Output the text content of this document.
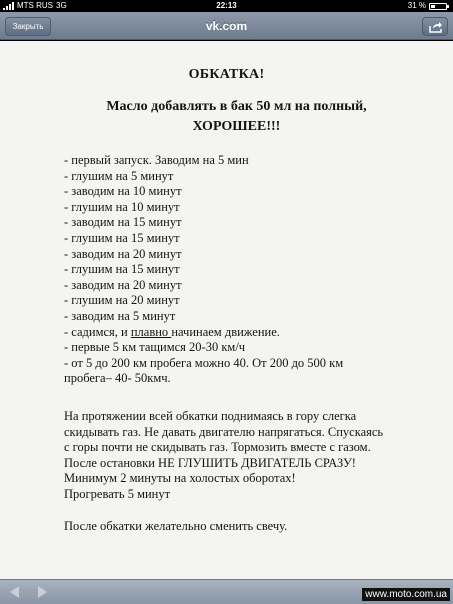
MTS RUS 3G	22:13	31 %
Закрыть	vk.com
ОБКАТКА!
Масло добавлять в бак 50 мл на полный,
ХОРОШЕЕ!!!
- первый запуск. Заводим на 5 мин
- глушим на 5 минут
- заводим на 10 минут
- глушим на 10 минут
- заводим на 15 минут
- глушим на 15 минут
- заводим на 20 минут
- глушим на 15 минут
- заводим на 20 минут
- глушим на 20 минут
- заводим на 5 минут
- садимся, и плавно начинаем движение.
- первые 5 км тащимся 20-30 км/ч
- от 5 до 200 км пробега можно 40. От 200 до 500 км
пробега– 40- 50кмч.
На протяжении всей обкатки поднимаясь в гору слегка
скидывать газ. Не давать двигателю напрягаться. Спускаясь
с горы почти не скидывать газ. Тормозить вместе с газом.
После остановки НЕ ГЛУШИТЬ ДВИГАТЕЛЬ СРАЗУ!
Минимум 2 минуты на холостых оборотах!
Прогревать 5 минут
После обкатки желательно сменить свечу.
www.moto.com.ua
